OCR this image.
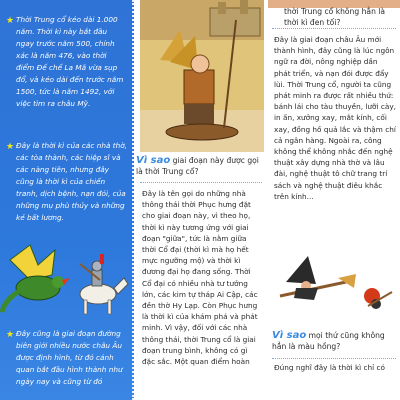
★ Thời Trung cổ kéo dài 1.000 năm. Thời kì này bắt đầu ngay trước năm 500, chính xác là năm 476, vào thời điểm Đế chế La Mã vừa sụp đổ, và kéo dài đến trước năm 1500, tức là năm 1492, với việc tìm ra châu Mỹ.

★ Đây là thời kì của các nhà thờ, các tòa thành, các hiệp sĩ và các nàng tiên, nhưng đây cũng là thời kì của chiến tranh, dịch bệnh, nạn đói, của những mụ phù thủy và những kẻ bất lương.

★ Đây cũng là giai đoạn đường biên giới nhiều nước châu Âu được định hình, từ đó cánh quan bắt đầu hình thành như ngày nay và cũng từ đó

Vì sao giai đoạn này được gọi là thời Trung cổ?
Đây là tên gọi do những nhà thông thái thời Phục hưng đặt cho giai đoạn này, vì theo họ, thời kì này tương ứng với giai đoạn "giữa", tức là nằm giữa thời Cổ đại (thời kì mà họ hết mực ngưỡng mộ) và thời kì đương đại họ đang sống. Thời Cổ đại có nhiều nhà tư tưởng lớn, các kim tự tháp Ai Cập, các đền thờ Hy Lạp. Còn Phục hưng là thời kì của khám phá và phát minh. Vì vậy, đối với các nhà thông thái, thời Trung cổ là giai đoạn trung bình, không có gì đặc sắc. Một quan điểm hoàn
thời Trung cổ không hẳn là thời kì đen tối?
Đây là giai đoạn châu Âu mới thành hình, đây cũng là lúc ngôn ngữ ra đời, nông nghiệp dần phát triển, và nạn đói được đẩy lùi. Thời Trung cổ, người ta cũng phát minh ra được rất nhiều thứ: bánh lái cho tàu thuyền, lưỡi cày, in ấn, xưởng xay, mắt kính, cối xay, đồng hồ quả lắc và thậm chí cả ngân hàng. Ngoài ra, công không thể không nhắc đến nghệ thuật xây dựng nhà thờ và lâu đài, nghệ thuật tô chữ trang trí sách và nghệ thuật điêu khắc trên kính...
Vì sao mọi thứ cũng không hẳn là màu hồng?
Đúng nghĩ đây là thời kì chỉ có
